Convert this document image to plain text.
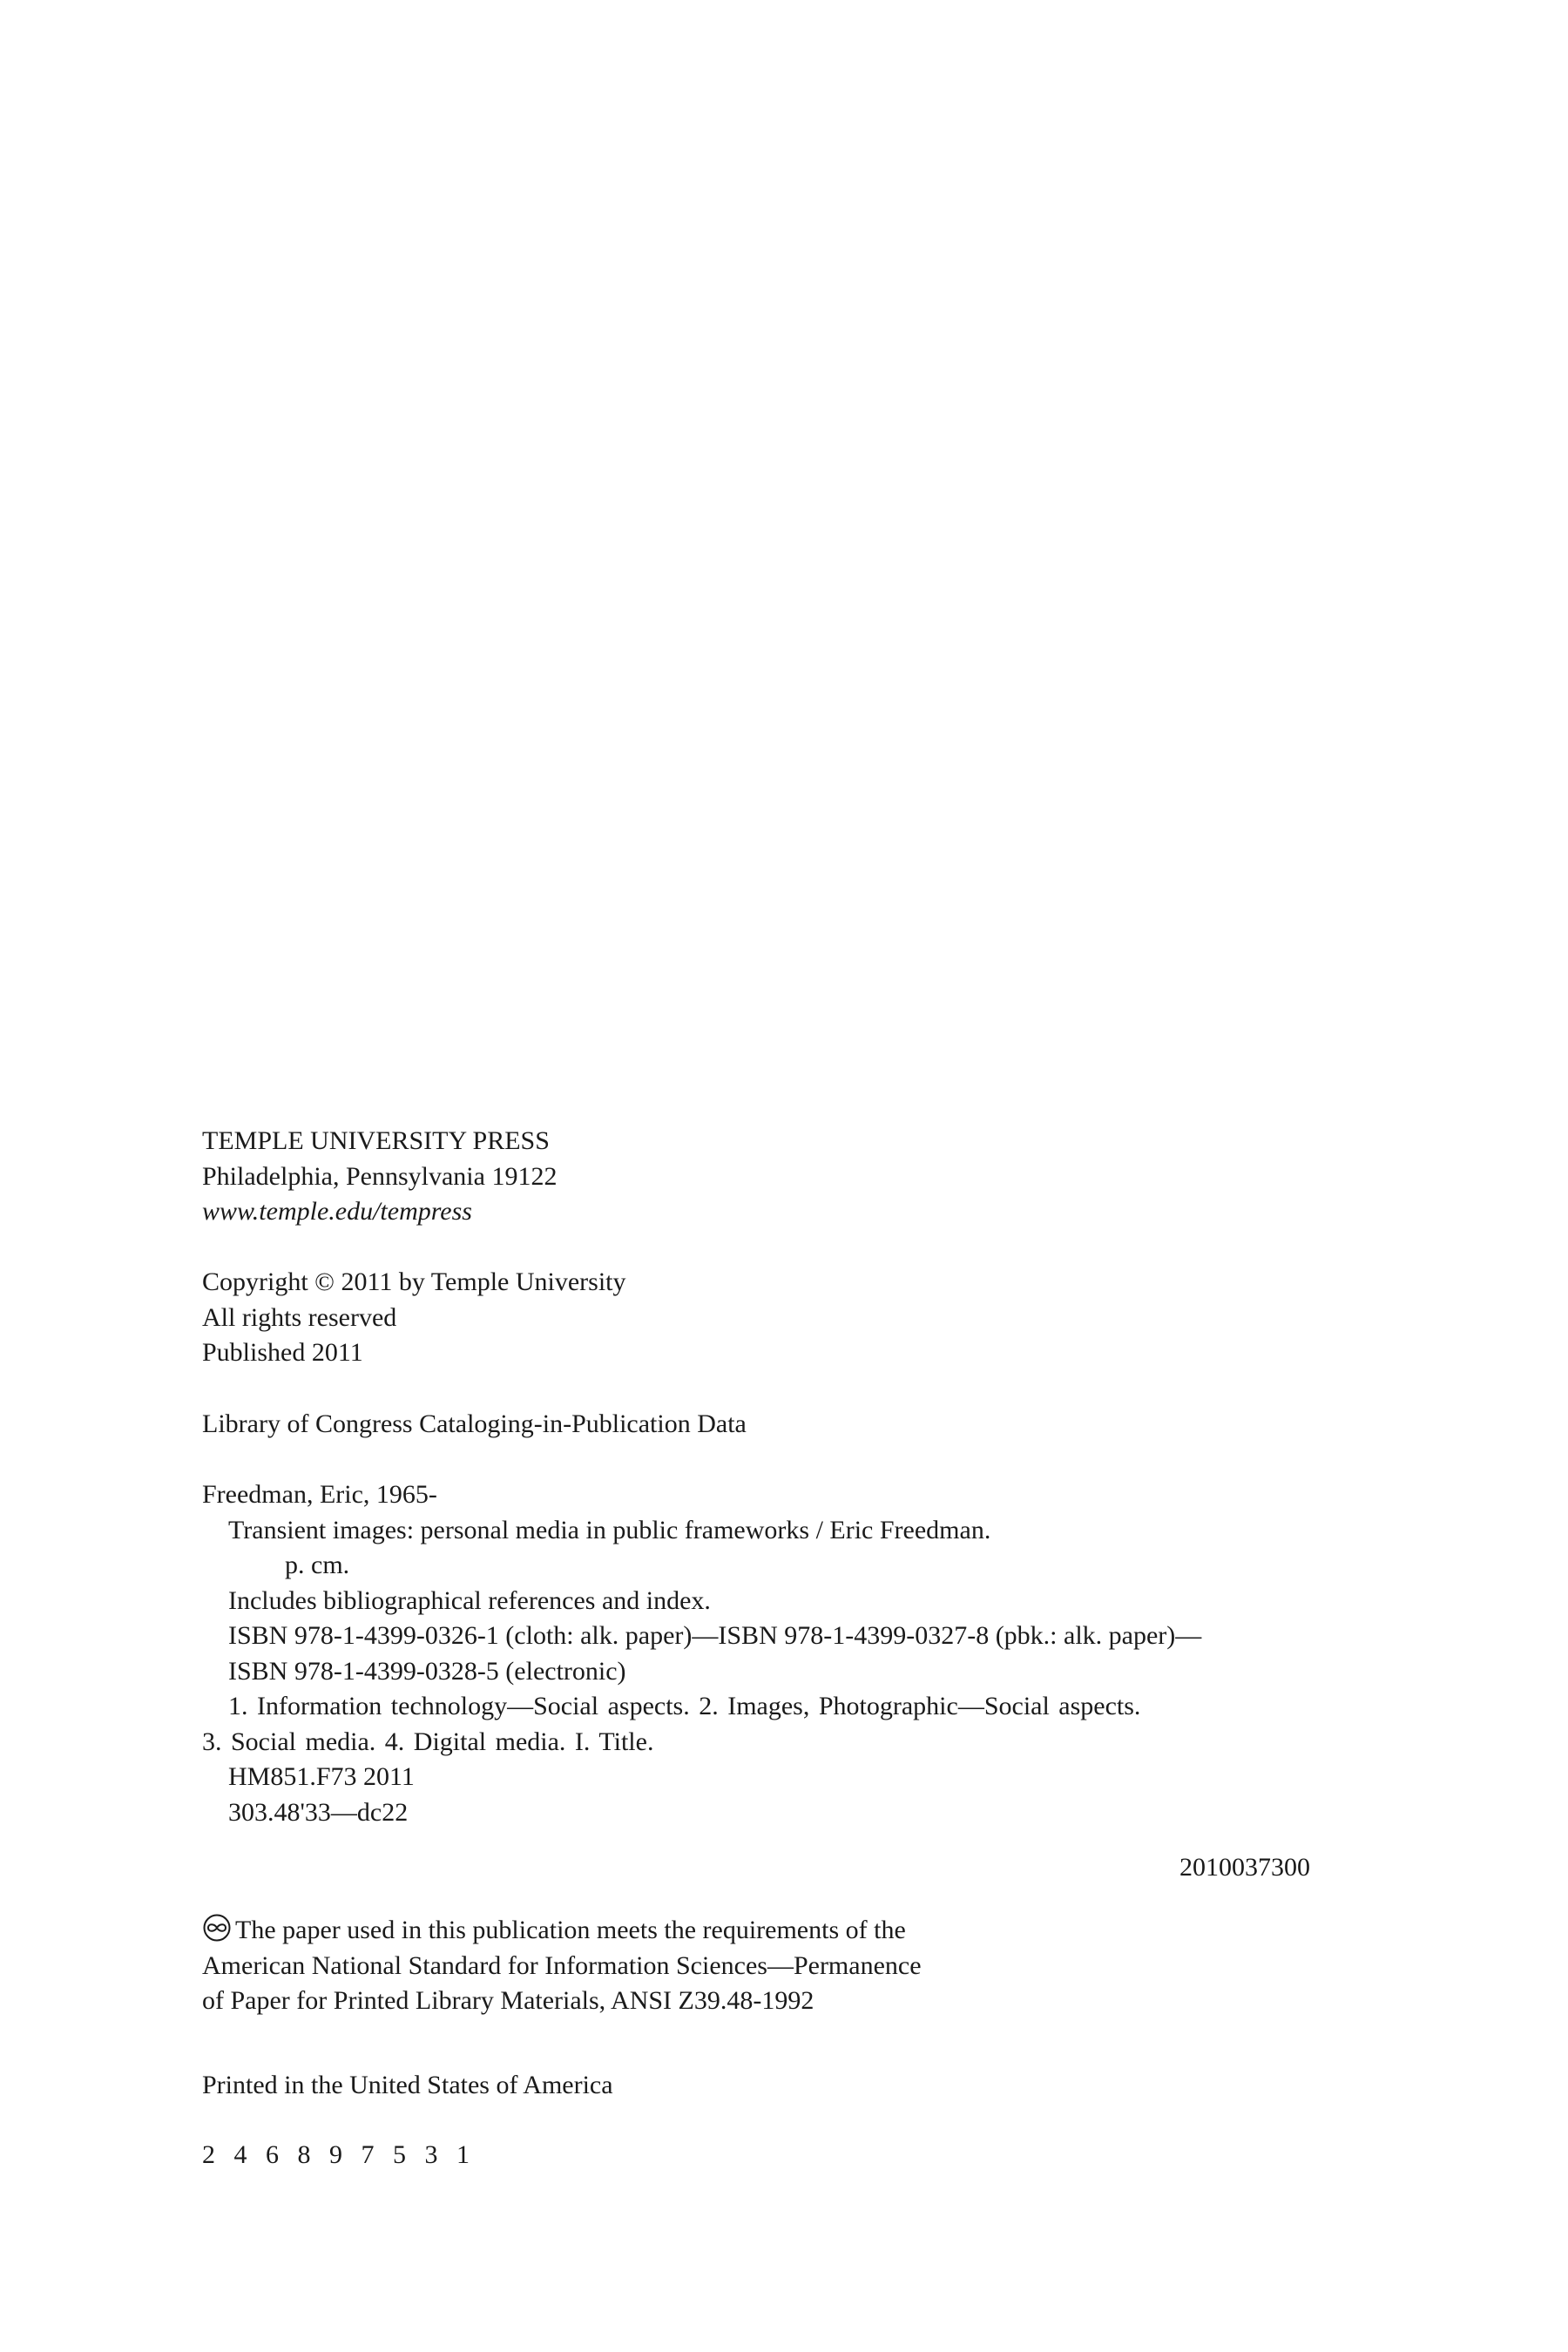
TEMPLE UNIVERSITY PRESS
Philadelphia, Pennsylvania 19122
www.temple.edu/tempress
Copyright © 2011 by Temple University
All rights reserved
Published 2011
Library of Congress Cataloging-in-Publication Data
Freedman, Eric, 1965-
Transient images: personal media in public frameworks / Eric Freedman.
p. cm.
Includes bibliographical references and index.
ISBN 978-1-4399-0326-1 (cloth: alk. paper)—ISBN 978-1-4399-0327-8 (pbk.: alk. paper)—
ISBN 978-1-4399-0328-5 (electronic)
1. Information technology—Social aspects. 2. Images, Photographic—Social aspects.
3. Social media. 4. Digital media. I. Title.
HM851.F73 2011
303.48'33—dc22
2010037300
The paper used in this publication meets the requirements of the
American National Standard for Information Sciences—Permanence
of Paper for Printed Library Materials, ANSI Z39.48-1992
Printed in the United States of America
2 4 6 8 9 7 5 3 1
